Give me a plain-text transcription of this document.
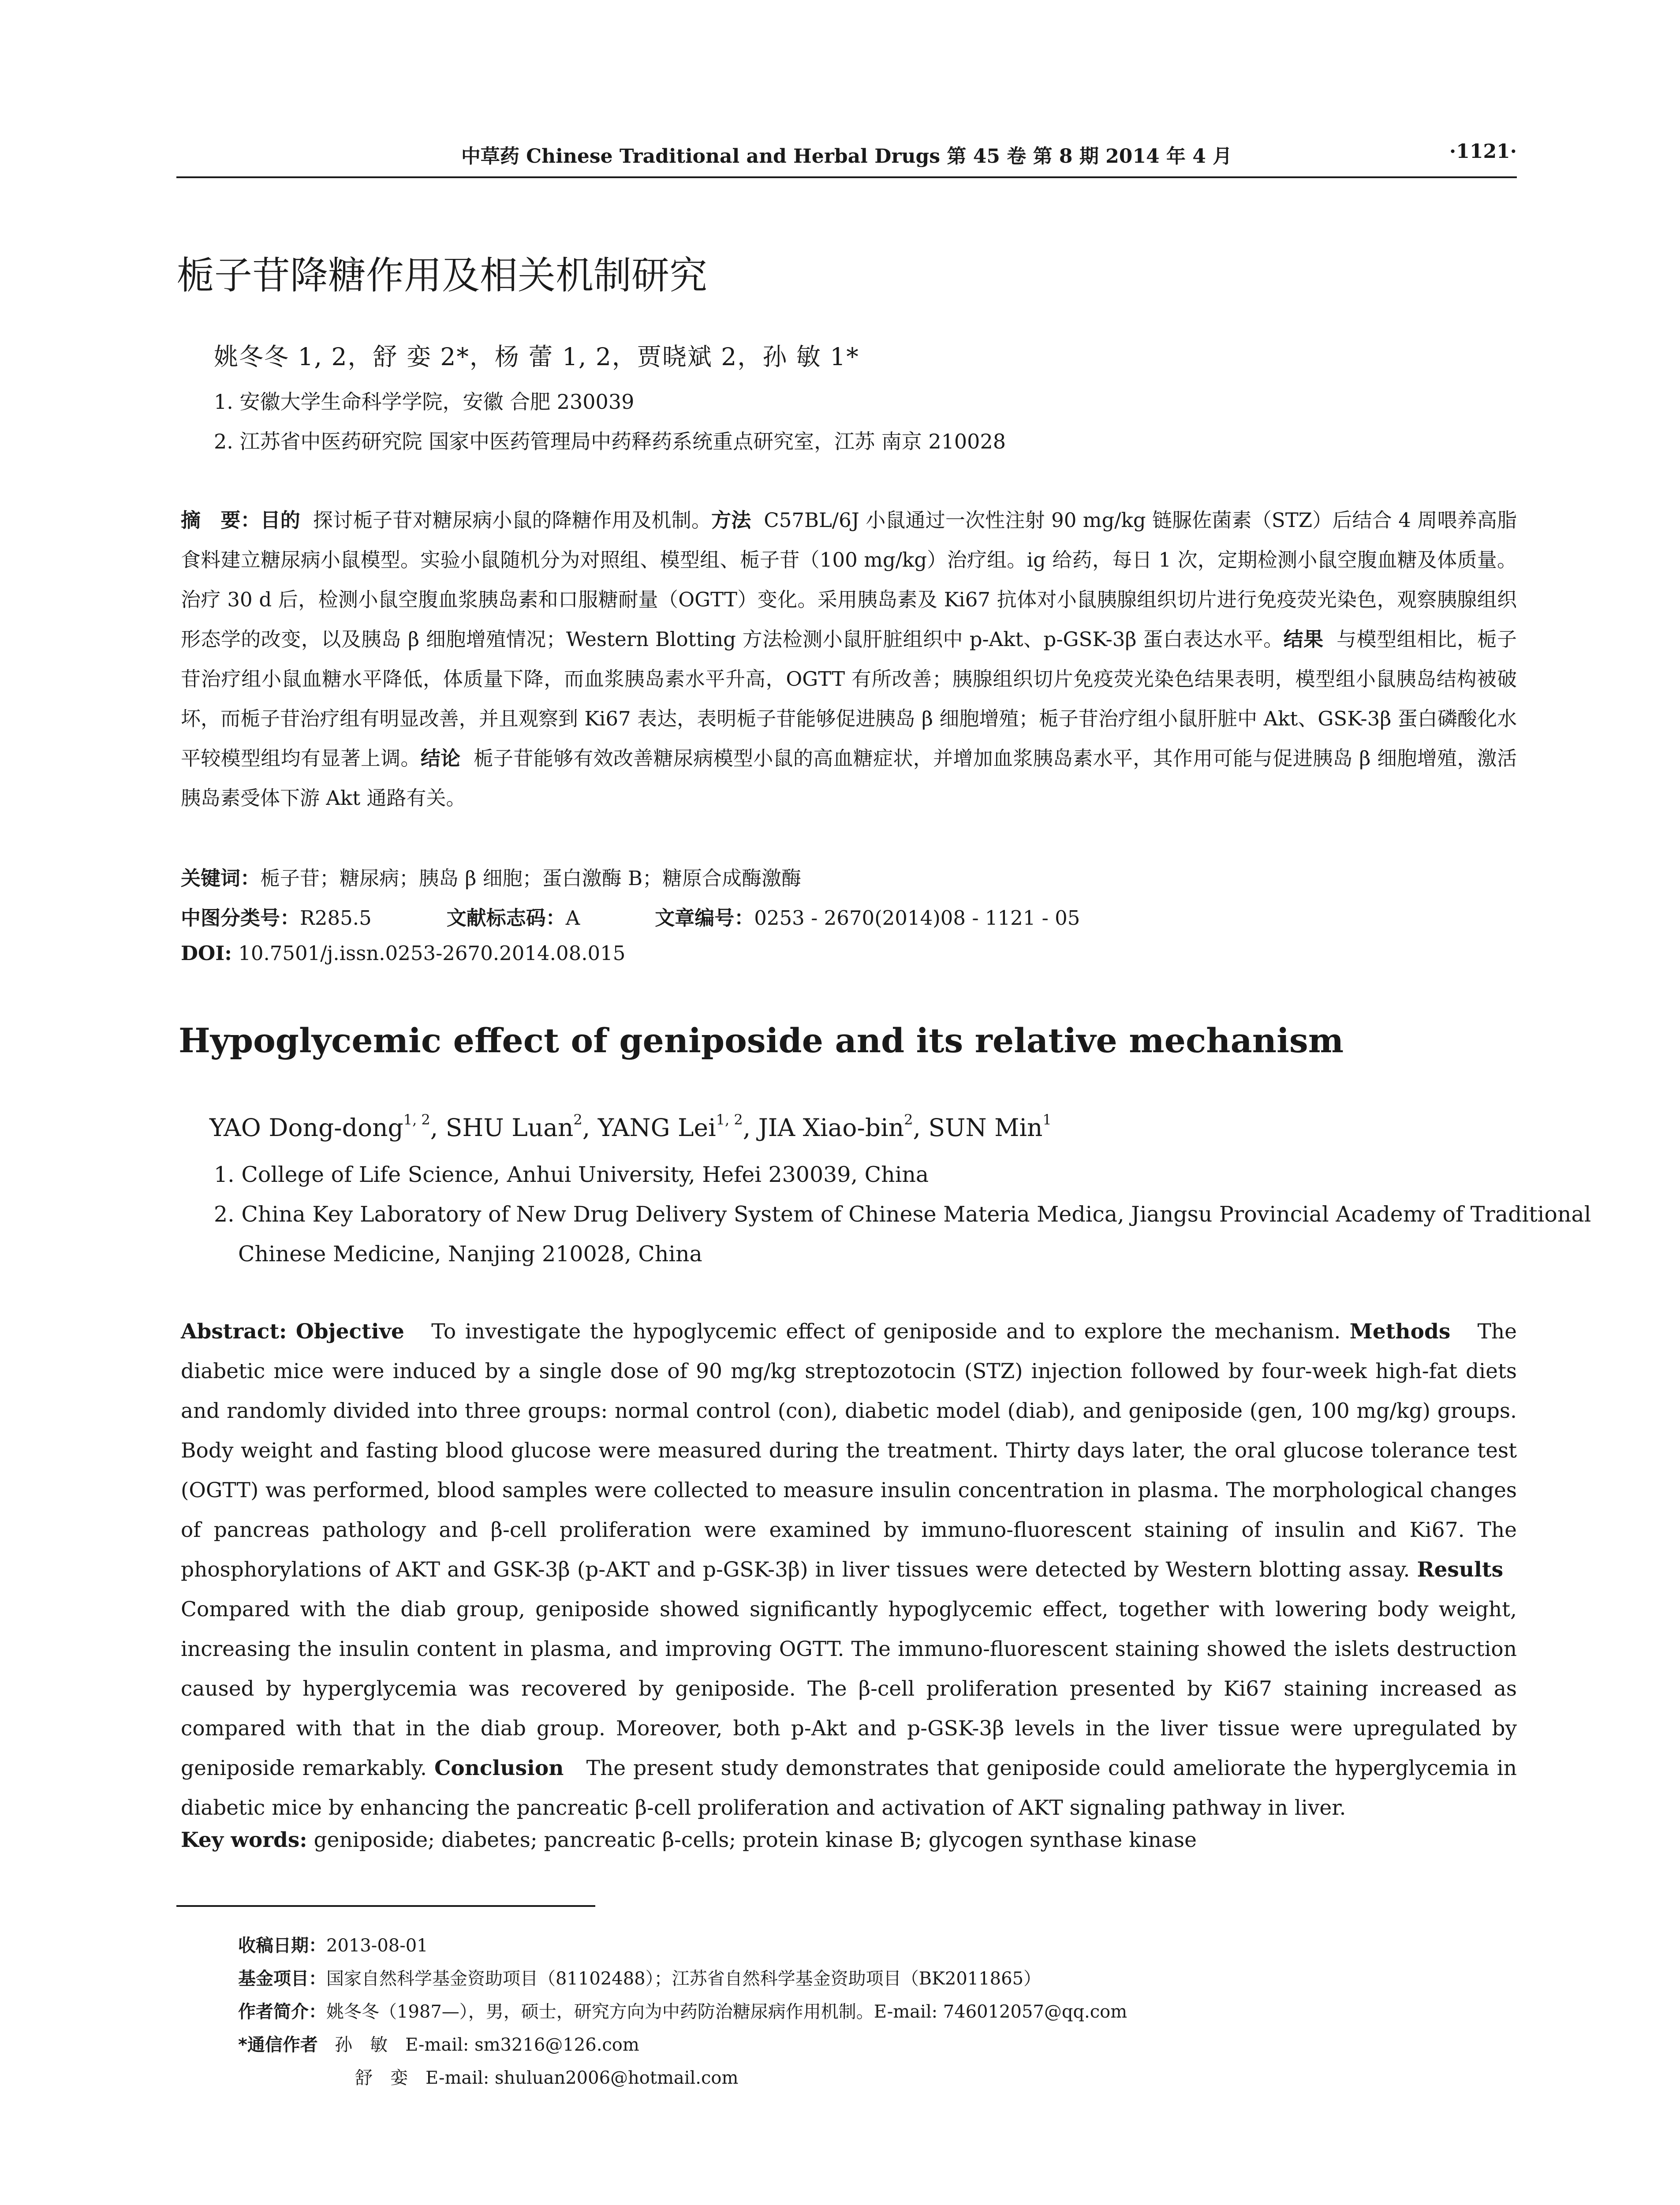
中草药 Chinese Traditional and Herbal Drugs 第 45 卷 第 8 期 2014 年 4 月	·1121·
栀子苷降糖作用及相关机制研究
姚冬冬 1, 2，舒 娈 2*，杨 蕾 1, 2，贾晓斌 2，孙 敏 1*
1. 安徽大学生命科学学院，安徽 合肥 230039
2. 江苏省中医药研究院 国家中医药管理局中药释药系统重点研究室，江苏 南京 210028
摘　要：目的 探讨栀子苷对糖尿病小鼠的降糖作用及机制。方法 C57BL/6J 小鼠通过一次性注射 90 mg/kg 链脲佐菌素（STZ）后结合 4 周喂养高脂食料建立糖尿病小鼠模型。实验小鼠随机分为对照组、模型组、栀子苷（100 mg/kg）治疗组。ig 给药，每日 1 次，定期检测小鼠空腹血糖及体质量。治疗 30 d 后，检测小鼠空腹血浆胰岛素和口服糖耐量（OGTT）变化。采用胰岛素及 Ki67 抗体对小鼠胰腺组织切片进行免疫荧光染色，观察胰腺组织形态学的改变，以及胰岛 β 细胞增殖情况；Western Blotting 方法检测小鼠肝脏组织中 p-Akt、p-GSK-3β 蛋白表达水平。结果 与模型组相比，栀子苷治疗组小鼠血糖水平降低，体质量下降，而血浆胰岛素水平升高，OGTT 有所改善；胰腺组织切片免疫荧光染色结果表明，模型组小鼠胰岛结构被破坏，而栀子苷治疗组有明显改善，并且观察到 Ki67 表达，表明栀子苷能够促进胰岛 β 细胞增殖；栀子苷治疗组小鼠肝脏中 Akt、GSK-3β 蛋白磷酸化水平较模型组均有显著上调。结论 栀子苷能够有效改善糖尿病模型小鼠的高血糖症状，并增加血浆胰岛素水平，其作用可能与促进胰岛 β 细胞增殖，激活胰岛素受体下游 Akt 通路有关。
关键词：栀子苷；糖尿病；胰岛 β 细胞；蛋白激酶 B；糖原合成酶激酶
中图分类号：R285.5	文献标志码：A	文章编号：0253 - 2670(2014)08 - 1121 - 05
DOI: 10.7501/j.issn.0253-2670.2014.08.015
Hypoglycemic effect of geniposide and its relative mechanism
YAO Dong-dong$^{1, 2}$, SHU Luan$^2$, YANG Lei$^{1, 2}$, JIA Xiao-bin$^2$, SUN Min$^1$
1. College of Life Science, Anhui University, Hefei 230039, China
2. China Key Laboratory of New Drug Delivery System of Chinese Materia Medica, Jiangsu Provincial Academy of Traditional
Chinese Medicine, Nanjing 210028, China
Abstract: Objective To investigate the hypoglycemic effect of geniposide and to explore the mechanism. Methods The diabetic mice were induced by a single dose of 90 mg/kg streptozotocin (STZ) injection followed by four-week high-fat diets and randomly divided into three groups: normal control (con), diabetic model (diab), and geniposide (gen, 100 mg/kg) groups. Body weight and fasting blood glucose were measured during the treatment. Thirty days later, the oral glucose tolerance test (OGTT) was performed, blood samples were collected to measure insulin concentration in plasma. The morphological changes of pancreas pathology and β-cell proliferation were examined by immuno-fluorescent staining of insulin and Ki67. The phosphorylations of AKT and GSK-3β (p-AKT and p-GSK-3β) in liver tissues were detected by Western blotting assay. Results   Compared with the diab group, geniposide showed significantly hypoglycemic effect, together with lowering body weight, increasing the insulin content in plasma, and improving OGTT. The immuno-fluorescent staining showed the islets destruction caused by hyperglycemia was recovered by geniposide. The β-cell proliferation presented by Ki67 staining increased as compared with that in the diab group. Moreover, both p-Akt and p-GSK-3β levels in the liver tissue were upregulated by geniposide remarkably. Conclusion The present study demonstrates that geniposide could ameliorate the hyperglycemia in diabetic mice by enhancing the pancreatic β-cell proliferation and activation of AKT signaling pathway in liver.
Key words: geniposide; diabetes; pancreatic β-cells; protein kinase B; glycogen synthase kinase
收稿日期：2013-08-01
基金项目：国家自然科学基金资助项目（81102488）；江苏省自然科学基金资助项目（BK2011865）
作者简介：姚冬冬（1987—），男，硕士，研究方向为中药防治糖尿病作用机制。E-mail: 746012057@qq.com
*通信作者 孙　敏　E-mail: sm3216@126.com
舒　娈　E-mail: shuluan2006@hotmail.com
